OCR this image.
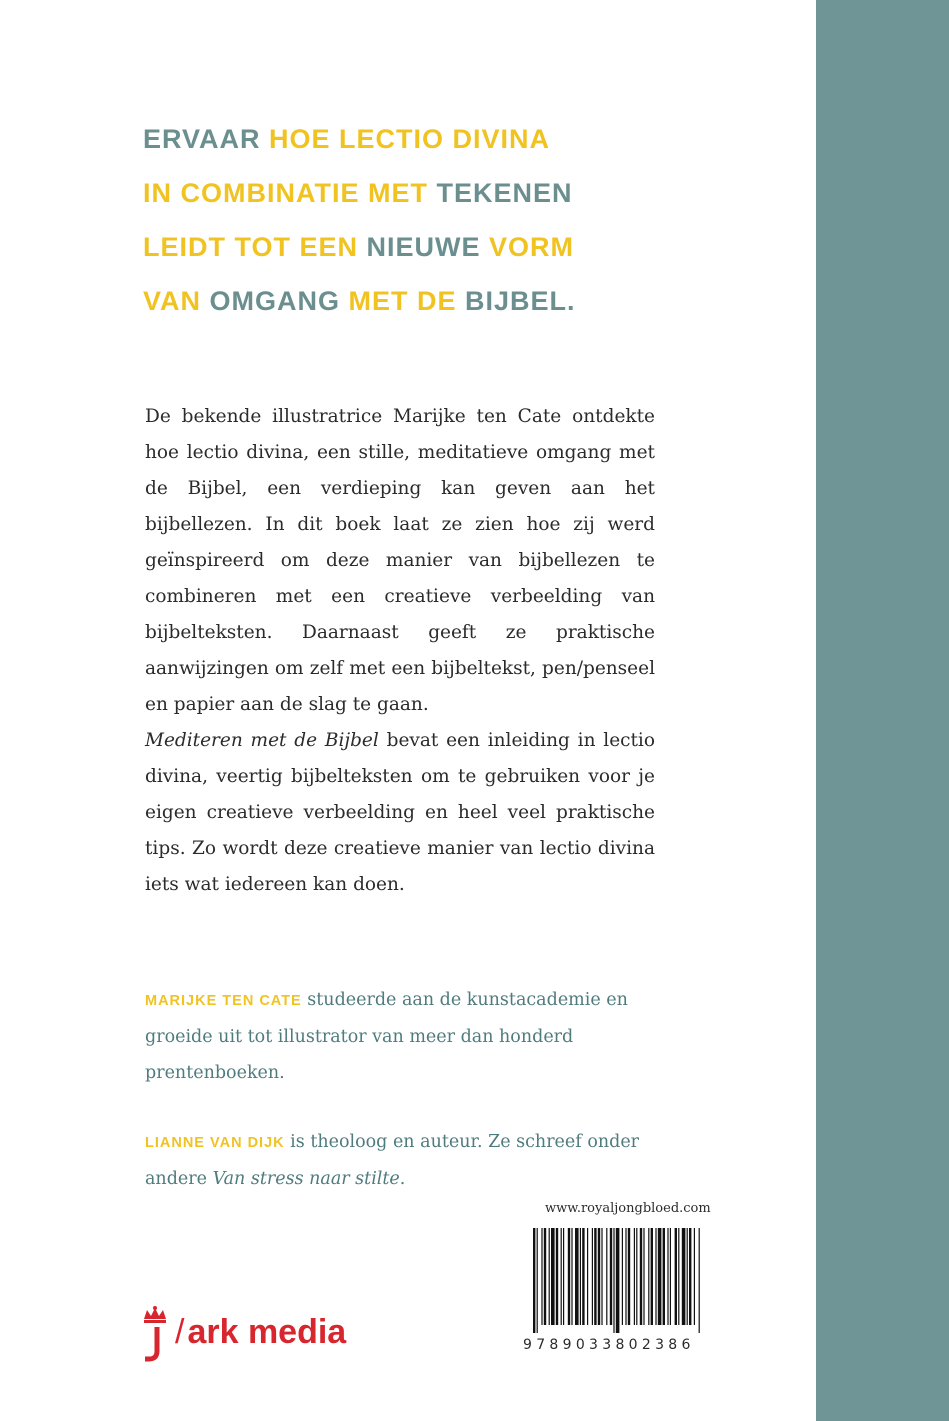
ERVAAR HOE LECTIO DIVINA
IN COMBINATIE MET TEKENEN
LEIDT TOT EEN NIEUWE VORM
VAN OMGANG MET DE BIJBEL.

De bekende illustratrice Marijke ten Cate ontdekte hoe lectio divina, een stille, meditatieve omgang met de Bijbel, een verdieping kan geven aan het bijbellezen. In dit boek laat ze zien hoe zij werd geïnspireerd om deze manier van bijbellezen te combineren met een creatieve verbeelding van bijbelteksten. Daarnaast geeft ze praktische aanwijzingen om zelf met een bijbeltekst, pen/penseel en papier aan de slag te gaan.

Mediteren met de Bijbel bevat een inleiding in lectio divina, veertig bijbelteksten om te gebruiken voor je eigen creatieve verbeelding en heel veel praktische tips. Zo wordt deze creatieve manier van lectio divina iets wat iedereen kan doen.

MARIJKE TEN CATE studeerde aan de kunstacademie en groeide uit tot illustrator van meer dan honderd prentenboeken.

LIANNE VAN DIJK is theoloog en auteur. Ze schreef onder andere Van stress naar stilte.

/ark media
www.royaljongbloed.com
9789033802386
